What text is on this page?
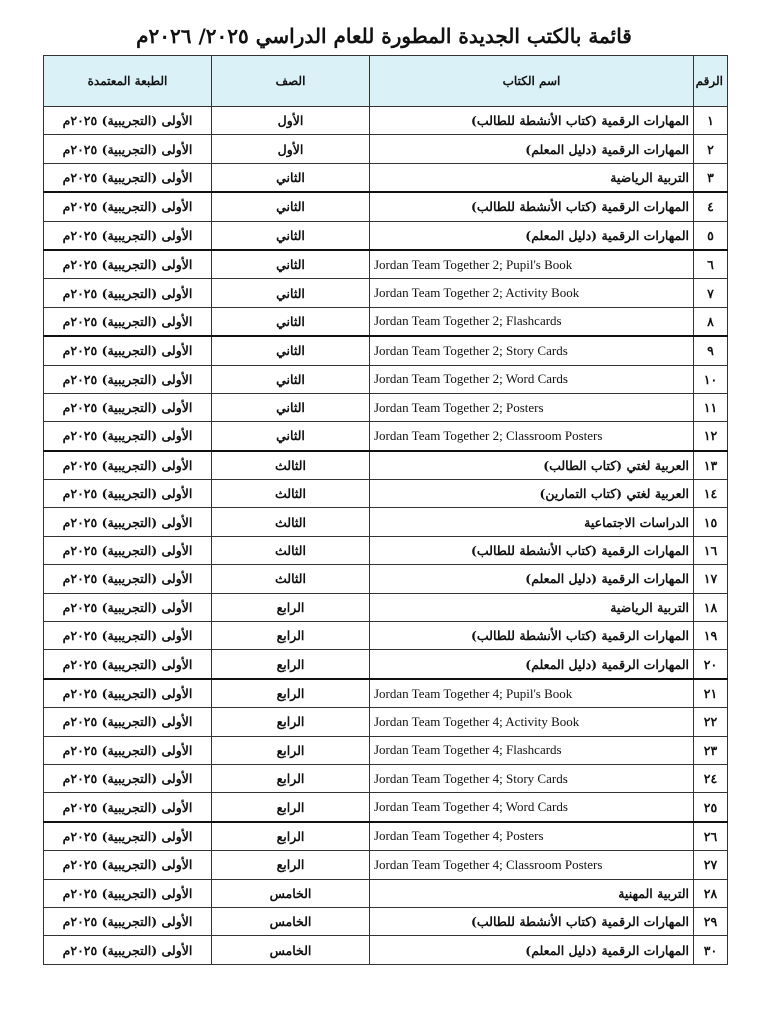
قائمة بالكتب الجديدة المطورة للعام الدراسي ٢٠٢٥/ ٢٠٢٦م
الرقم	اسم الكتاب	الصف	الطبعة المعتمدة
١	المهارات الرقمية (كتاب الأنشطة للطالب)	الأول	الأولى (التجريبية) ٢٠٢٥م
٢	المهارات الرقمية (دليل المعلم)	الأول	الأولى (التجريبية) ٢٠٢٥م
٣	التربية الرياضية	الثاني	الأولى (التجريبية) ٢٠٢٥م
٤	المهارات الرقمية (كتاب الأنشطة للطالب)	الثاني	الأولى (التجريبية) ٢٠٢٥م
٥	المهارات الرقمية (دليل المعلم)	الثاني	الأولى (التجريبية) ٢٠٢٥م
٦	Jordan Team Together 2; Pupil's Book	الثاني	الأولى (التجريبية) ٢٠٢٥م
٧	Jordan Team Together 2; Activity Book	الثاني	الأولى (التجريبية) ٢٠٢٥م
٨	Jordan Team Together 2; Flashcards	الثاني	الأولى (التجريبية) ٢٠٢٥م
٩	Jordan Team Together 2; Story Cards	الثاني	الأولى (التجريبية) ٢٠٢٥م
١٠	Jordan Team Together 2; Word Cards	الثاني	الأولى (التجريبية) ٢٠٢٥م
١١	Jordan Team Together 2; Posters	الثاني	الأولى (التجريبية) ٢٠٢٥م
١٢	Jordan Team Together 2; Classroom Posters	الثاني	الأولى (التجريبية) ٢٠٢٥م
١٣	العربية لغتي (كتاب الطالب)	الثالث	الأولى (التجريبية) ٢٠٢٥م
١٤	العربية لغتي (كتاب التمارين)	الثالث	الأولى (التجريبية) ٢٠٢٥م
١٥	الدراسات الاجتماعية	الثالث	الأولى (التجريبية) ٢٠٢٥م
١٦	المهارات الرقمية (كتاب الأنشطة للطالب)	الثالث	الأولى (التجريبية) ٢٠٢٥م
١٧	المهارات الرقمية (دليل المعلم)	الثالث	الأولى (التجريبية) ٢٠٢٥م
١٨	التربية الرياضية	الرابع	الأولى (التجريبية) ٢٠٢٥م
١٩	المهارات الرقمية (كتاب الأنشطة للطالب)	الرابع	الأولى (التجريبية) ٢٠٢٥م
٢٠	المهارات الرقمية (دليل المعلم)	الرابع	الأولى (التجريبية) ٢٠٢٥م
٢١	Jordan Team Together 4; Pupil's Book	الرابع	الأولى (التجريبية) ٢٠٢٥م
٢٢	Jordan Team Together 4; Activity Book	الرابع	الأولى (التجريبية) ٢٠٢٥م
٢٣	Jordan Team Together 4; Flashcards	الرابع	الأولى (التجريبية) ٢٠٢٥م
٢٤	Jordan Team Together 4; Story Cards	الرابع	الأولى (التجريبية) ٢٠٢٥م
٢٥	Jordan Team Together 4; Word Cards	الرابع	الأولى (التجريبية) ٢٠٢٥م
٢٦	Jordan Team Together 4; Posters	الرابع	الأولى (التجريبية) ٢٠٢٥م
٢٧	Jordan Team Together 4; Classroom Posters	الرابع	الأولى (التجريبية) ٢٠٢٥م
٢٨	التربية المهنية	الخامس	الأولى (التجريبية) ٢٠٢٥م
٢٩	المهارات الرقمية (كتاب الأنشطة للطالب)	الخامس	الأولى (التجريبية) ٢٠٢٥م
٣٠	المهارات الرقمية (دليل المعلم)	الخامس	الأولى (التجريبية) ٢٠٢٥م
